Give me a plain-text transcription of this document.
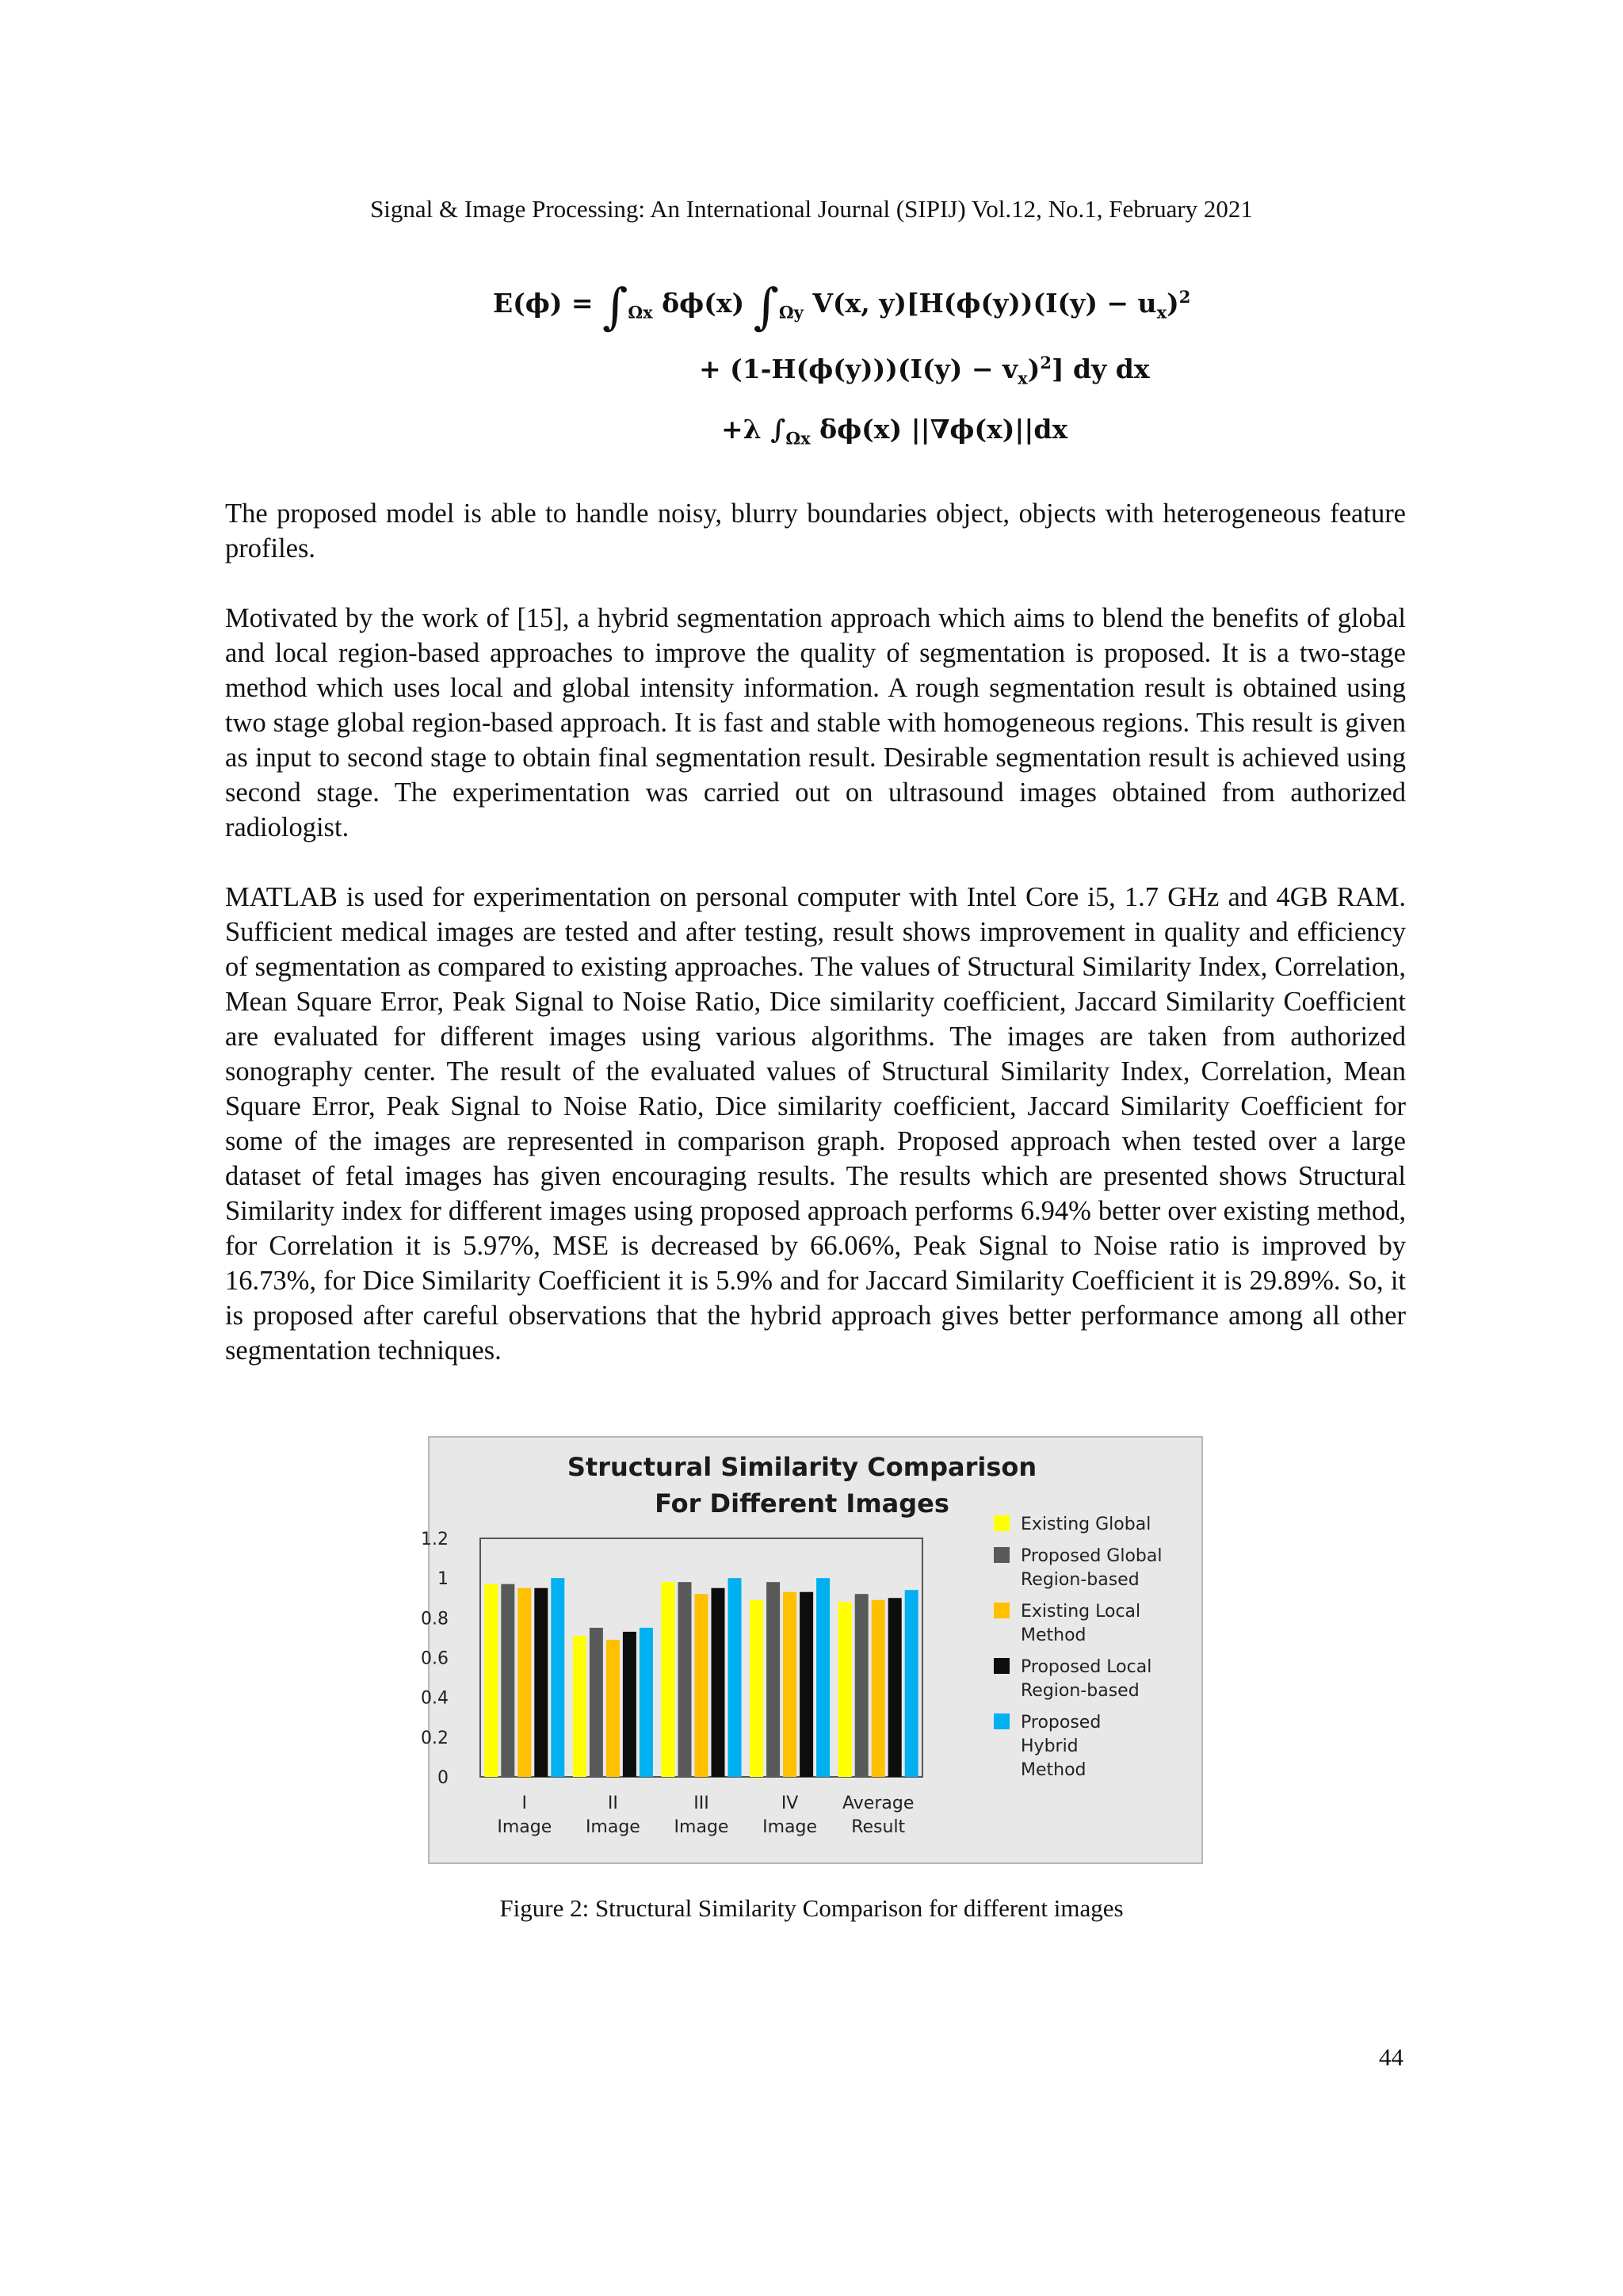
Signal & Image Processing: An International Journal (SIPIJ) Vol.12, No.1, February 2021
$E(\phi) = \int_{\Omega x}$ δϕ(x) $\int_{\Omega y}$ V(x, $y)[H(\phi(y))(I(y) - u_x)^2$
+ $(1-H(\phi(y)))(I(y) - v_x)^2$] dy dx
+λ $\int_{\Omega x}$ δϕ(x) ||∇ϕ(x)||dx

The proposed model is able to handle noisy, blurry boundaries object, objects with heterogeneous feature profiles.

Motivated by the work of [15], a hybrid segmentation approach which aims to blend the benefits of global and local region-based approaches to improve the quality of segmentation is proposed. It is a two-stage method which uses local and global intensity information. A rough segmentation result is obtained using two stage global region-based approach. It is fast and stable with homogeneous regions. This result is given as input to second stage to obtain final segmentation result. Desirable segmentation result is achieved using second stage. The experimentation was carried out on ultrasound images obtained from authorized radiologist.

MATLAB is used for experimentation on personal computer with Intel Core i5, 1.7 GHz and 4GB RAM. Sufficient medical images are tested and after testing, result shows improvement in quality and efficiency of segmentation as compared to existing approaches. The values of Structural Similarity Index, Correlation, Mean Square Error, Peak Signal to Noise Ratio, Dice similarity coefficient, Jaccard Similarity Coefficient are evaluated for different images using various algorithms. The images are taken from authorized sonography center. The result of the evaluated values of Structural Similarity Index, Correlation, Mean Square Error, Peak Signal to Noise Ratio, Dice similarity coefficient, Jaccard Similarity Coefficient for some of the images are represented in comparison graph. Proposed approach when tested over a large dataset of fetal images has given encouraging results. The results which are presented shows Structural Similarity index for different images using proposed approach performs 6.94% better over existing method, for Correlation it is 5.97%, MSE is decreased by 66.06%, Peak Signal to Noise ratio is improved by 16.73%, for Dice Similarity Coefficient it is 5.9% and for Jaccard Similarity Coefficient it is 29.89%. So, it is proposed after careful observations that the hybrid approach gives better performance among all other segmentation techniques.

Structural Similarity Comparison
For Different Images
0
0.2
0.4
0.6
0.8
1
1.2
I
Image
II
Image
III
Image
IV
Image
Average
Result
Existing Global
Proposed Global
Region-based
Existing Local
Method
Proposed Local
Region-based
Proposed
Hybrid
Method
Figure 2: Structural Similarity Comparison for different images
44
